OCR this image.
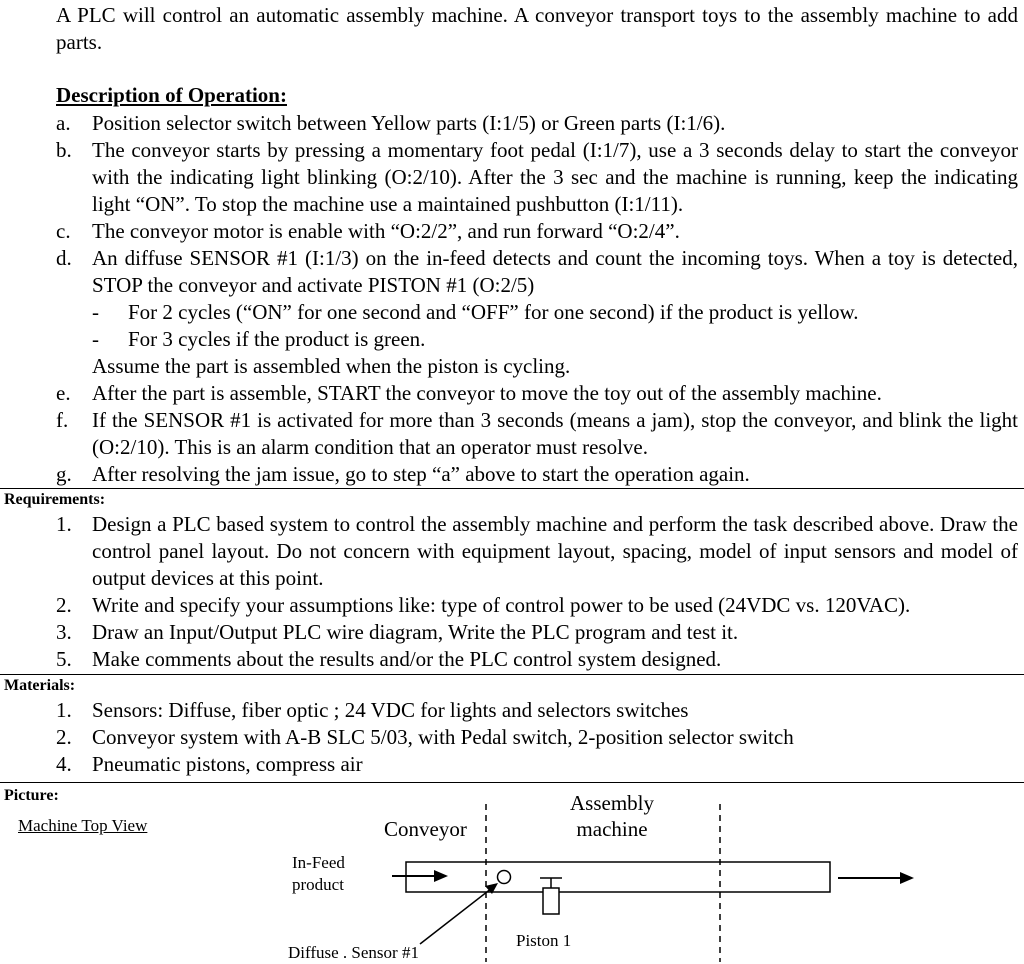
A PLC will control an automatic assembly machine. A conveyor transport toys to the assembly machine to add parts.

Description of Operation:
a. Position selector switch between Yellow parts (I:1/5) or Green parts (I:1/6).
b. The conveyor starts by pressing a momentary foot pedal (I:1/7), use a 3 seconds delay to start the conveyor with the indicating light blinking (O:2/10). After the 3 sec and the machine is running, keep the indicating light “ON”. To stop the machine use a maintained pushbutton (I:1/11).
c. The conveyor motor is enable with “O:2/2”, and run forward “O:2/4”.
d. An diffuse SENSOR #1 (I:1/3) on the in-feed detects and count the incoming toys. When a toy is detected, STOP the conveyor and activate PISTON #1 (O:2/5)
- For 2 cycles (“ON” for one second and “OFF” for one second) if the product is yellow.
- For 3 cycles if the product is green.
Assume the part is assembled when the piston is cycling.
e. After the part is assemble, START the conveyor to move the toy out of the assembly machine.
f. If the SENSOR #1 is activated for more than 3 seconds (means a jam), stop the conveyor, and blink the light (O:2/10). This is an alarm condition that an operator must resolve.
g. After resolving the jam issue, go to step “a” above to start the operation again.
Requirements:
1. Design a PLC based system to control the assembly machine and perform the task described above. Draw the control panel layout. Do not concern with equipment layout, spacing, model of input sensors and model of output devices at this point.
2. Write and specify your assumptions like: type of control power to be used (24VDC vs. 120VAC).
3. Draw an Input/Output PLC wire diagram, Write the PLC program and test it.
5. Make comments about the results and/or the PLC control system designed.
Materials:
1. Sensors: Diffuse, fiber optic ; 24 VDC for lights and selectors switches
2. Conveyor system with A-B SLC 5/03, with Pedal switch, 2-position selector switch
4. Pneumatic pistons, compress air
Picture:
Machine Top View	Conveyor
Assembly
machine
In-Feed
product
Diffuse . Sensor #1
Piston 1
